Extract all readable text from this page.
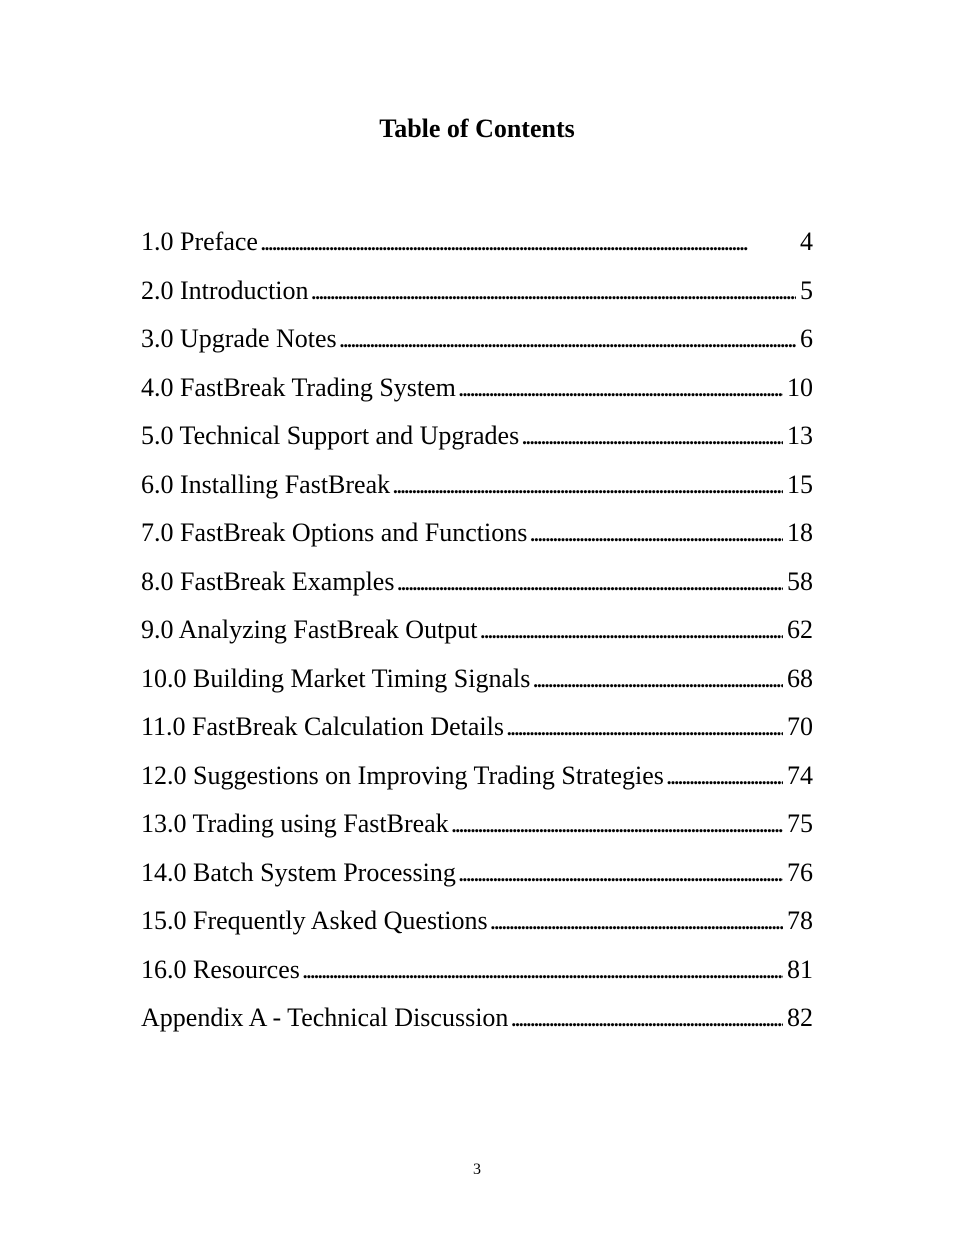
Table of Contents
1.0 Preface . . .	4
2.0 Introduction . . .	5
3.0 Upgrade Notes . . .	6
4.0 FastBreak Trading System . . .	10
5.0 Technical Support and Upgrades . . .	13
6.0 Installing FastBreak . . .	15
7.0 FastBreak Options and Functions . . .	18
8.0 FastBreak Examples . . .	58
9.0 Analyzing FastBreak Output . . .	62
10.0 Building Market Timing Signals . . .	68
11.0 FastBreak Calculation Details . . .	70
12.0 Suggestions on Improving Trading Strategies . . .	74
13.0 Trading using FastBreak . . .	75
14.0 Batch System Processing . . .	76
15.0 Frequently Asked Questions . . .	78
16.0 Resources . . .	81
Appendix A - Technical Discussion . . .	82
3
